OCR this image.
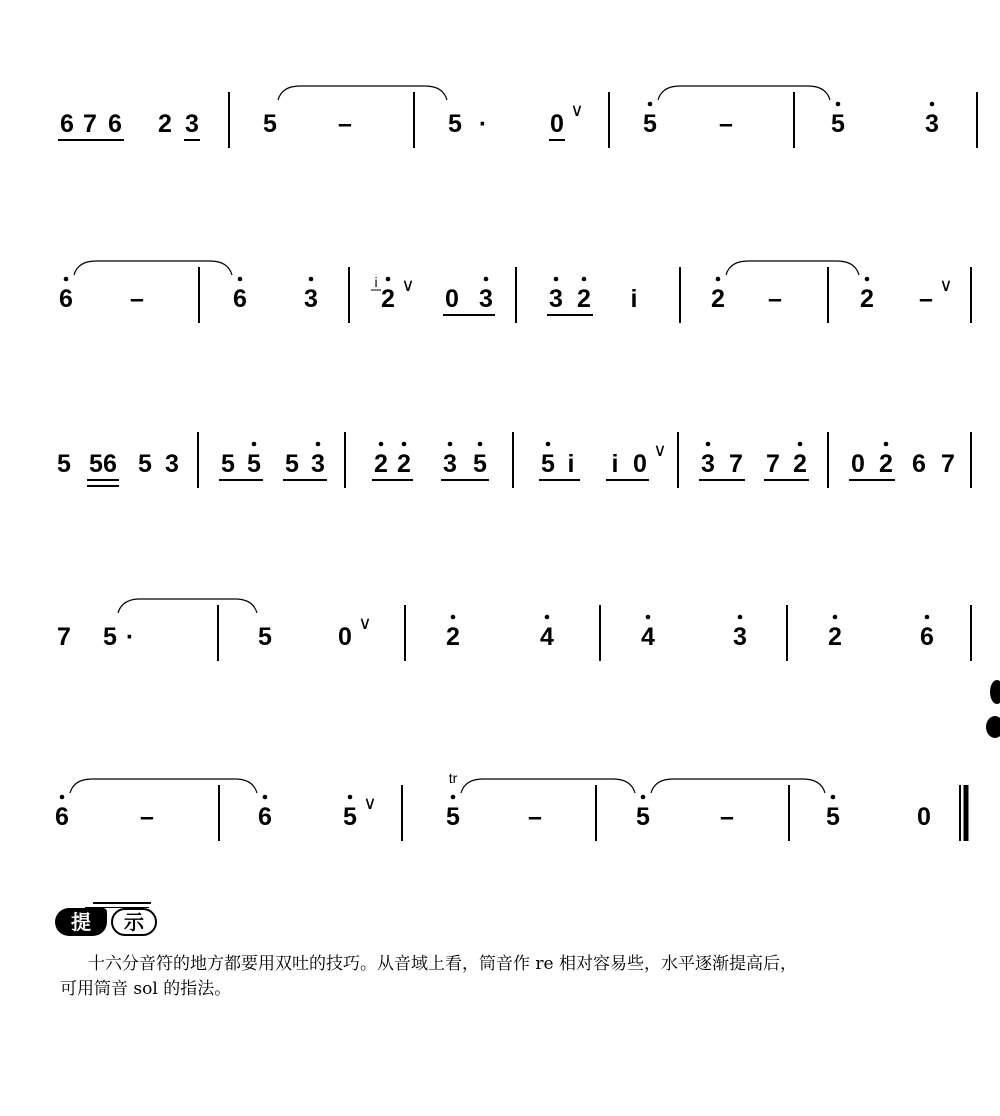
6 7 6 2 3	5 –	5 ·	0 ∨ 5 –	5	3
6 –	6 3	2 ∨
i
0 3 3 2 i	2 –	2 – ∨
5 5 6 5 3 5 5 5 3 2 2 3 5 5 i i 0 ∨ 3 7 7 2 0 2 6 7
7 5 ·	5	0 ∨	2	4	4	3	2	6
6	–	6	5 ∨	5
tr
–	5	–	5	0
提	示
十六分音符的地方都要用双吐的技巧。从音域上看，筒音作 re 相对容易些，水平逐渐提高后，
可用筒音 sol 的指法。
